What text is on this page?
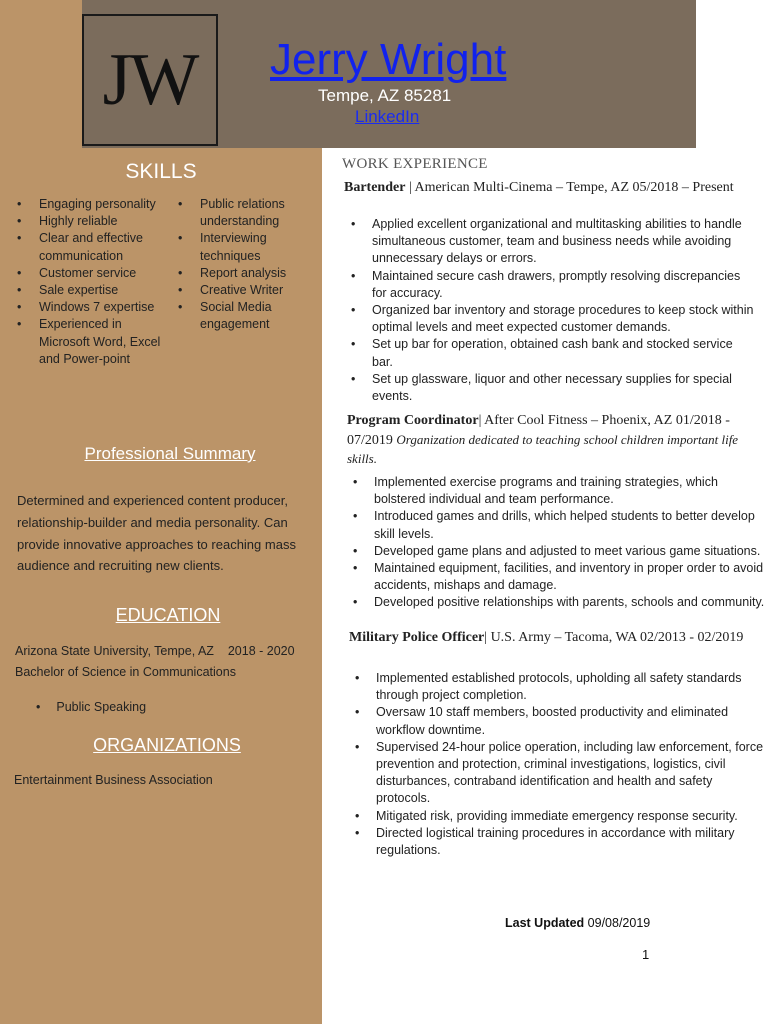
JW Jerry Wright
Tempe, AZ 85281
LinkedIn
SKILLS
• Engaging personality
• Highly reliable
• Clear and effective communication
• Customer service
• Sale expertise
• Windows 7 expertise
• Experienced in Microsoft Word, Excel and Power-point
• Public relations understanding
• Interviewing techniques
• Report analysis
• Creative Writer
• Social Media engagement
Professional Summary
Determined and experienced content producer, relationship-builder and media personality. Can provide innovative approaches to reaching mass audience and recruiting new clients.
EDUCATION
Arizona State University, Tempe, AZ 2018 - 2020
Bachelor of Science in Communications
• Public Speaking
ORGANIZATIONS
Entertainment Business Association
WORK EXPERIENCE
Bartender | American Multi-Cinema – Tempe, AZ 05/2018 – Present
• Applied excellent organizational and multitasking abilities to handle simultaneous customer, team and business needs while avoiding unnecessary delays or errors.
• Maintained secure cash drawers, promptly resolving discrepancies for accuracy.
• Organized bar inventory and storage procedures to keep stock within optimal levels and meet expected customer demands.
• Set up bar for operation, obtained cash bank and stocked service bar.
• Set up glassware, liquor and other necessary supplies for special events.
Program Coordinator| After Cool Fitness – Phoenix, AZ 01/2018 - 07/2019 Organization dedicated to teaching school children important life skills.
• Implemented exercise programs and training strategies, which bolstered individual and team performance.
• Introduced games and drills, which helped students to better develop skill levels.
• Developed game plans and adjusted to meet various game situations.
• Maintained equipment, facilities, and inventory in proper order to avoid accidents, mishaps and damage.
• Developed positive relationships with parents, schools and community.
Military Police Officer| U.S. Army – Tacoma, WA 02/2013 - 02/2019
• Implemented established protocols, upholding all safety standards through project completion.
• Oversaw 10 staff members, boosted productivity and eliminated workflow downtime.
• Supervised 24-hour police operation, including law enforcement, force prevention and protection, criminal investigations, logistics, civil disturbances, contraband identification and health and safety protocols.
• Mitigated risk, providing immediate emergency response security.
• Directed logistical training procedures in accordance with military regulations.
Last Updated 09/08/2019
1
